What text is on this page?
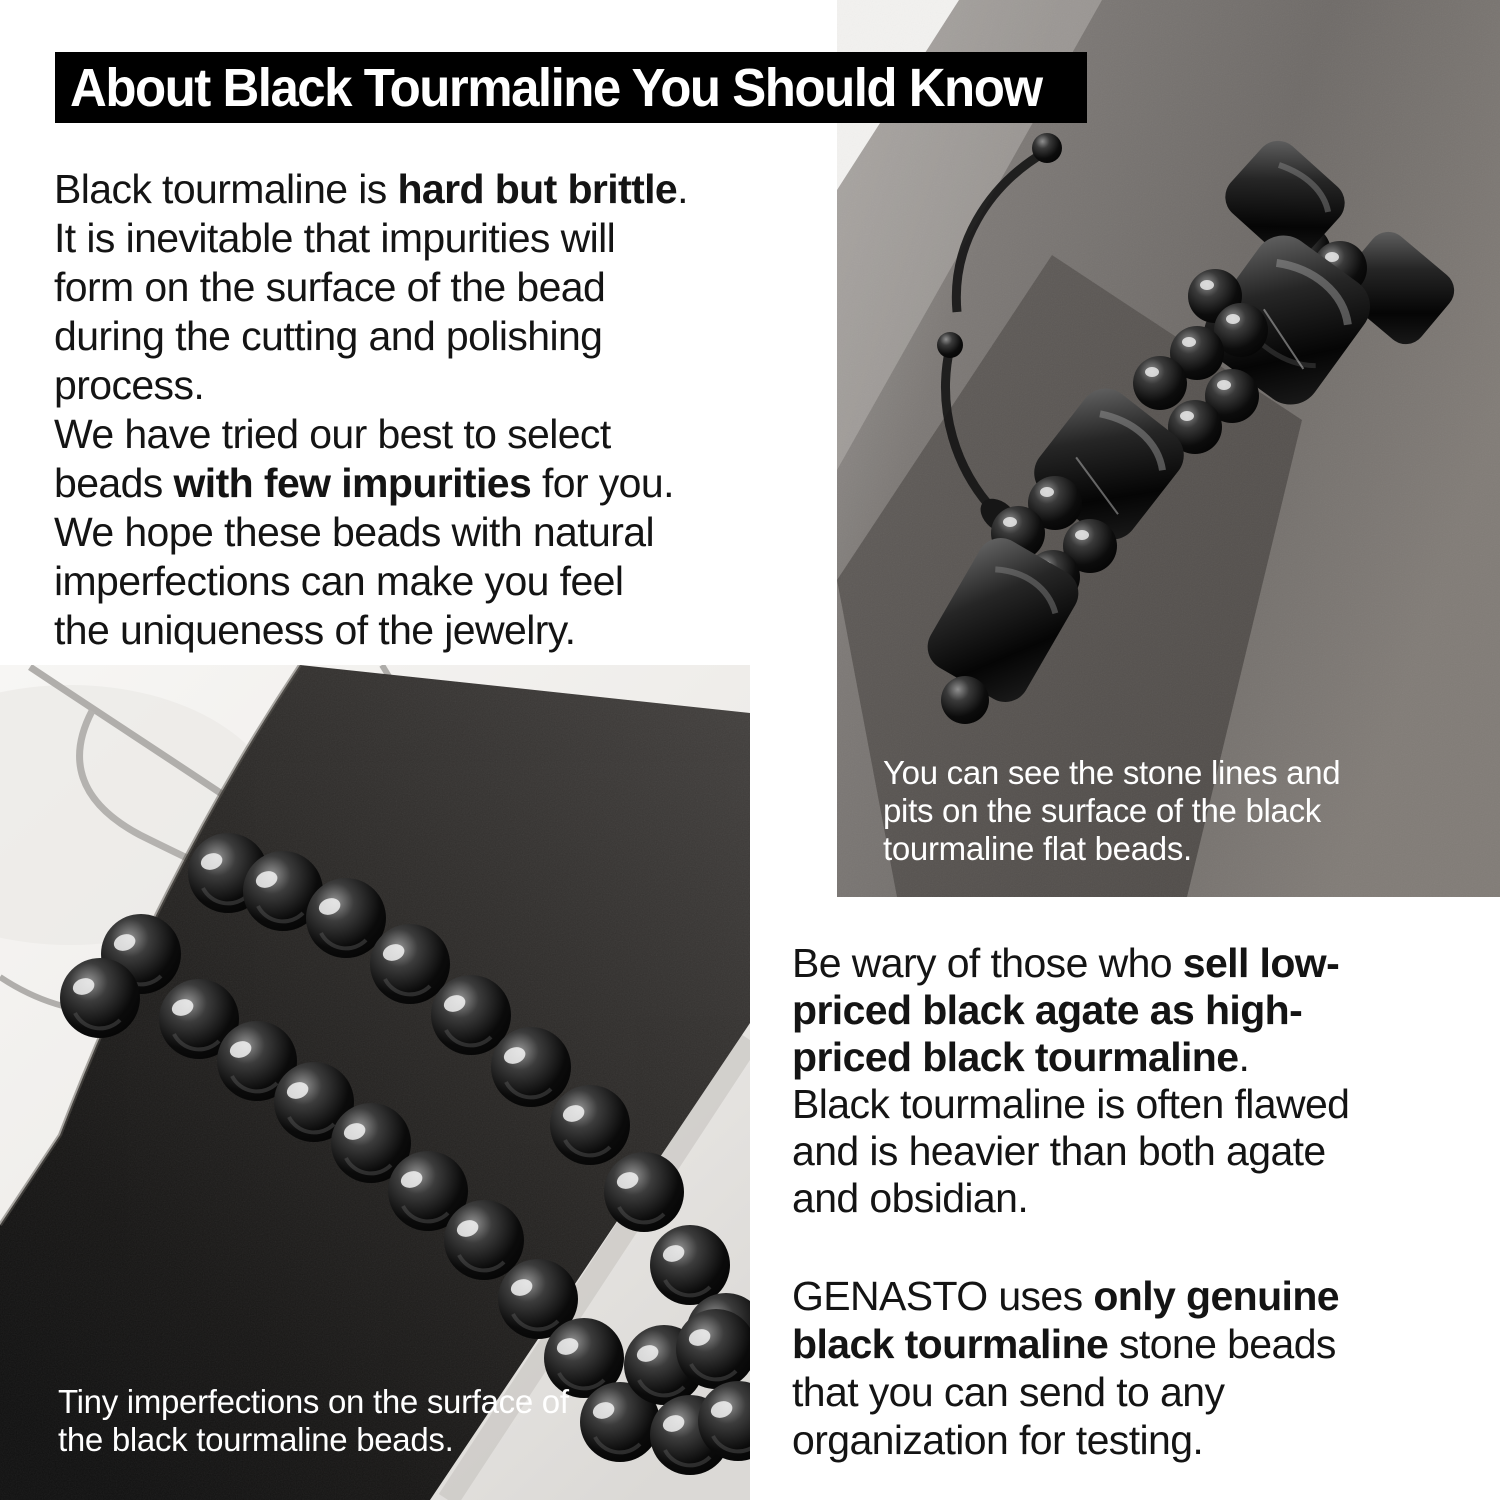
You can see the stone lines and
pits on the surface of the black
tourmaline flat beads.
Tiny imperfections on the surface of
the black tourmaline beads.
About Black Tourmaline You Should Know

Black tourmaline is hard but brittle.
It is inevitable that impurities will
form on the surface of the bead
during the cutting and polishing
process.
We have tried our best to select
beads with few impurities for you.
We hope these beads with natural
imperfections can make you feel
the uniqueness of the jewelry.

Be wary of those who sell low-
priced black agate as high-
priced black tourmaline.
Black tourmaline is often flawed
and is heavier than both agate
and obsidian.

GENASTO uses only genuine
black tourmaline stone beads
that you can send to any
organization for testing.
